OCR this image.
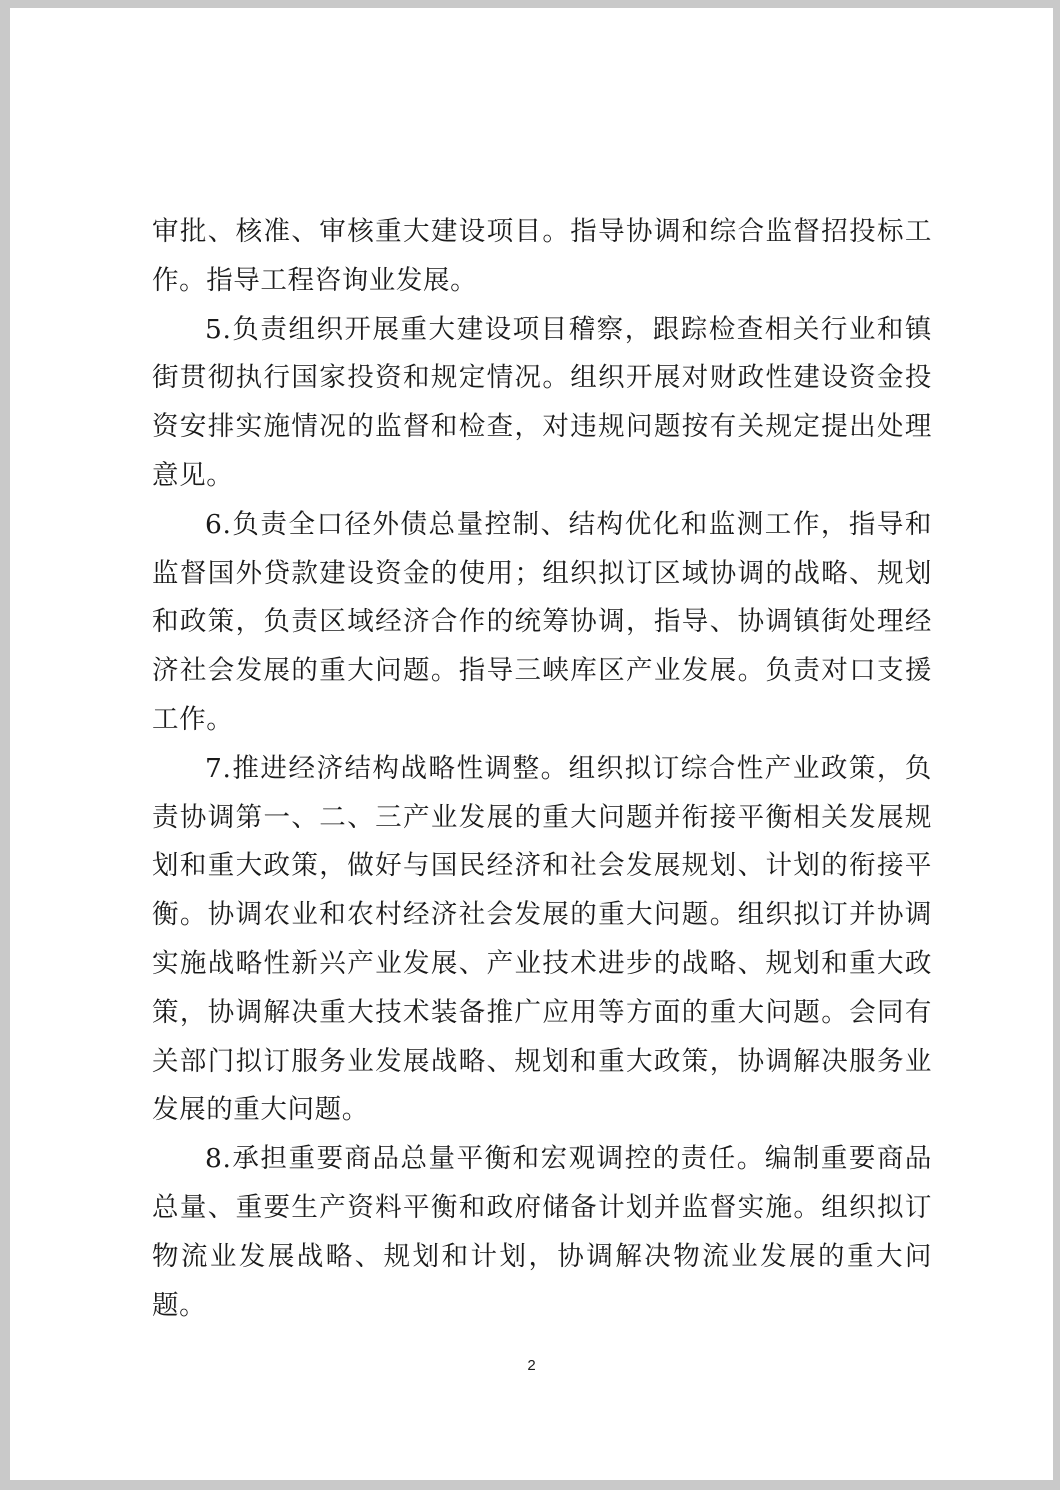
审批、核准、审核重大建设项目。指导协调和综合监督招投标工作。指导工程咨询业发展。

5.负责组织开展重大建设项目稽察，跟踪检查相关行业和镇街贯彻执行国家投资和规定情况。组织开展对财政性建设资金投资安排实施情况的监督和检查，对违规问题按有关规定提出处理意见。

6.负责全口径外债总量控制、结构优化和监测工作，指导和监督国外贷款建设资金的使用；组织拟订区域协调的战略、规划和政策，负责区域经济合作的统筹协调，指导、协调镇街处理经济社会发展的重大问题。指导三峡库区产业发展。负责对口支援工作。

7.推进经济结构战略性调整。组织拟订综合性产业政策，负责协调第一、二、三产业发展的重大问题并衔接平衡相关发展规划和重大政策，做好与国民经济和社会发展规划、计划的衔接平衡。协调农业和农村经济社会发展的重大问题。组织拟订并协调实施战略性新兴产业发展、产业技术进步的战略、规划和重大政策，协调解决重大技术装备推广应用等方面的重大问题。会同有关部门拟订服务业发展战略、规划和重大政策，协调解决服务业发展的重大问题。

8.承担重要商品总量平衡和宏观调控的责任。编制重要商品总量、重要生产资料平衡和政府储备计划并监督实施。组织拟订物流业发展战略、规划和计划，协调解决物流业发展的重大问题。

2
